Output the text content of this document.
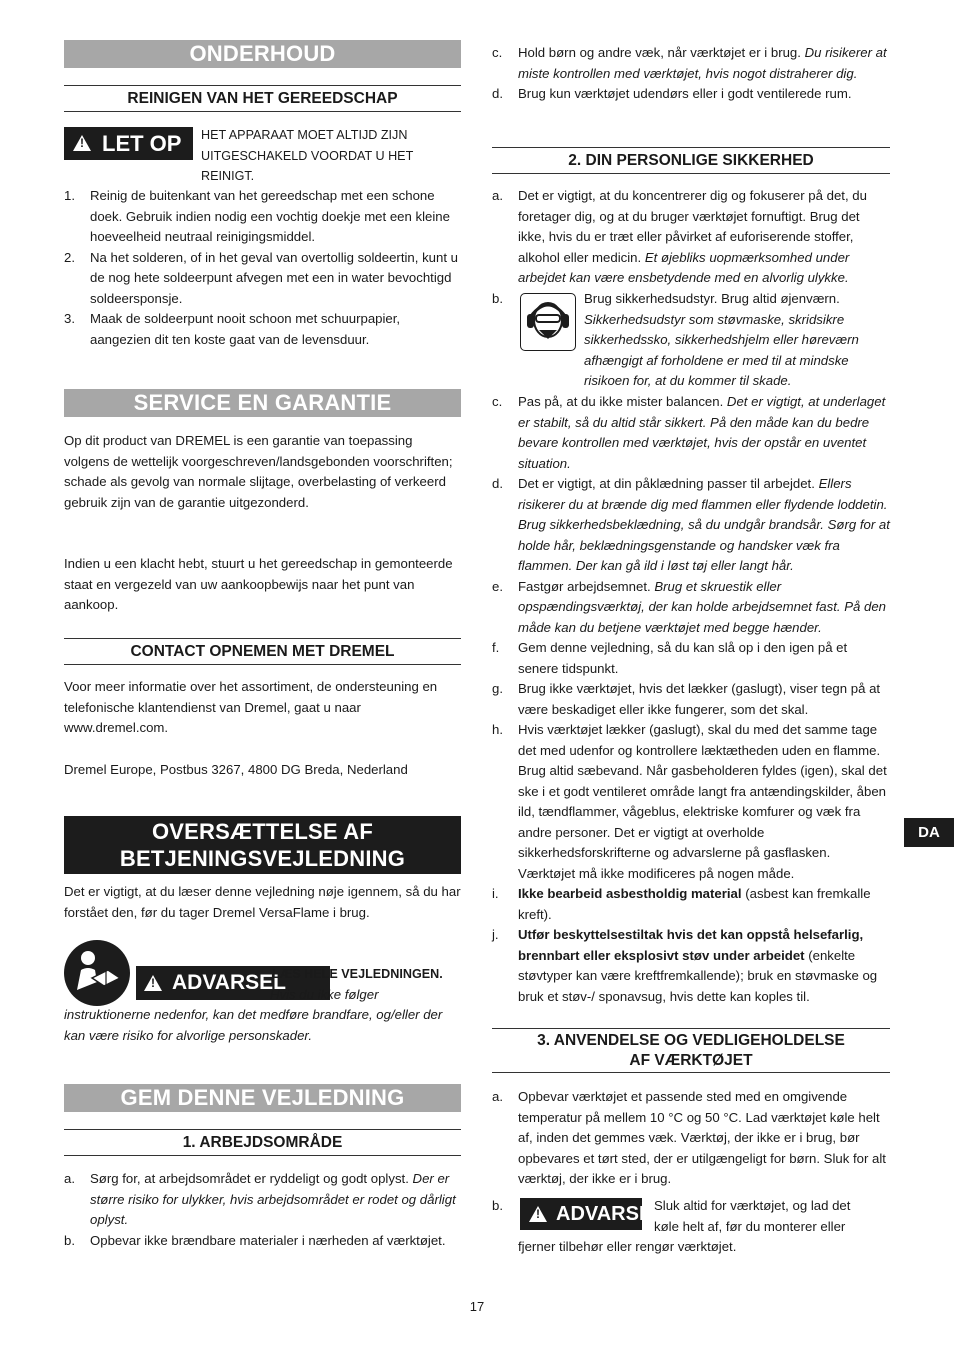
ONDERHOUD
REINIGEN VAN HET GEREEDSCHAP
!
LET OP HET APPARAAT MOET ALTIJD ZIJN UITGESCHAKELD VOORDAT U HET REINIGT.
1. Reinig de buitenkant van het gereedschap met een schone doek. Gebruik indien nodig een vochtig doekje met een kleine hoeveelheid neutraal reinigingsmiddel.
2. Na het solderen, of in het geval van overtollig soldeertin, kunt u de nog hete soldeerpunt afvegen met een in water bevochtigd soldeersponsje.
3. Maak de soldeerpunt nooit schoon met schuurpapier, aangezien dit ten koste gaat van de levensduur.
SERVICE EN GARANTIE
Op dit product van DREMEL is een garantie van toepassing volgens de wettelijk voorgeschreven/landsgebonden voorschriften; schade als gevolg van normale slijtage, overbelasting of verkeerd gebruik zijn van de garantie uitgezonderd.
Indien u een klacht hebt, stuurt u het gereedschap in gemonteerde staat en vergezeld van uw aankoopbewijs naar het punt van aankoop.
CONTACT OPNEMEN MET DREMEL
Voor meer informatie over het assortiment, de ondersteuning en telefonische klantendienst van Dremel, gaat u naar www.dremel.com.
Dremel Europe, Postbus 3267, 4800 DG Breda, Nederland
OVERSÆTTELSE AF
BETJENINGSVEJLEDNING
Det er vigtigt, at du læser denne vejledning nøje igennem, så du har forstået den, før du tager Dremel VersaFlame i brug.
!
ADVARSEL
LÆS HELE VEJLEDNINGEN.
Hvis du ikke følger
instruktionerne nedenfor, kan det medføre brandfare, og/eller der kan være risiko for alvorlige personskader.
GEM DENNE VEJLEDNING
1. ARBEJDSOMRÅDE
a. Sørg for, at arbejdsområdet er ryddeligt og godt oplyst. Der er større risiko for ulykker, hvis arbejdsområdet er rodet og dårligt oplyst.
b. Opbevar ikke brændbare materialer i nærheden af værktøjet.
c. Hold børn og andre væk, når værktøjet er i brug. Du risikerer at miste kontrollen med værktøjet, hvis nogot distraherer dig.
d. Brug kun værktøjet udendørs eller i godt ventilerede rum.
2. DIN PERSONLIGE SIKKERHED
a. Det er vigtigt, at du koncentrerer dig og fokuserer på det, du foretager dig, og at du bruger værktøjet fornuftigt. Brug det ikke, hvis du er træt eller påvirket af euforiserende stoffer, alkohol eller medicin. Et øjebliks uopmærksomhed under arbejdet kan være ensbetydende med en alvorlig ulykke.
b.	Brug sikkerhedsudstyr. Brug altid øjenværn.
Sikkerhedsudstyr som støvmaske, skridsikre sikkerhedssko, sikkerhedshjelm eller høreværn afhængigt af forholdene er med til at mindske risikoen for, at du kommer til skade.
c. Pas på, at du ikke mister balancen. Det er vigtigt, at underlaget er stabilt, så du altid står sikkert. På den måde kan du bedre bevare kontrollen med værktøjet, hvis der opstår en uventet situation.
d. Det er vigtigt, at din påklædning passer til arbejdet. Ellers risikerer du at brænde dig med flammen eller flydende loddetin. Brug sikkerhedsbeklædning, så du undgår brandsår. Sørg for at holde hår, beklædningsgenstande og handsker væk fra flammen. Der kan gå ild i løst tøj eller langt hår.
e. Fastgør arbejdsemnet. Brug et skruestik eller opspændingsværktøj, der kan holde arbejdsemnet fast. På den måde kan du betjene værktøjet med begge hænder.
f. Gem denne vejledning, så du kan slå op i den igen på et senere tidspunkt.
g. Brug ikke værktøjet, hvis det lækker (gaslugt), viser tegn på at være beskadiget eller ikke fungerer, som det skal.
h. Hvis værktøjet lækker (gaslugt), skal du med det samme tage det med udenfor og kontrollere læktætheden uden en flamme. Brug altid sæbevand. Når gasbeholderen fyldes (igen), skal det ske i et godt ventileret område langt fra antændingskilder, åben ild, tændflammer, vågeblus, elektriske komfurer og væk fra andre personer. Det er vigtigt at overholde sikkerhedsforskrifterne og advarslerne på gasflasken. Værktøjet må ikke modificeres på nogen måde.
i. Ikke bearbeid asbestholdig material (asbest kan fremkalle kreft).
j. Utfør beskyttelsestiltak hvis det kan oppstå helsefarlig, brennbart eller eksplosivt støv under arbeidet (enkelte støvtyper kan være kreftfremkallende); bruk en støvmaske og bruk et støv-/ sponavsug, hvis dette kan koples til.
3. ANVENDELSE OG VEDLIGEHOLDELSE
AF VÆRKTØJET
a. Opbevar værktøjet et passende sted med en omgivende temperatur på mellem 10 °C og 50 °C. Lad værktøjet køle helt af, inden det gemmes væk. Værktøj, der ikke er i brug, bør opbevares et tørt sted, der er utilgængeligt for børn. Sluk for alt værktøj, der ikke er i brug.
b.
!	ADVARSEL
Sluk altid for værktøjet, og lad det
køle helt af, før du monterer eller
fjerner tilbehør eller rengør værktøjet.
DA
17
